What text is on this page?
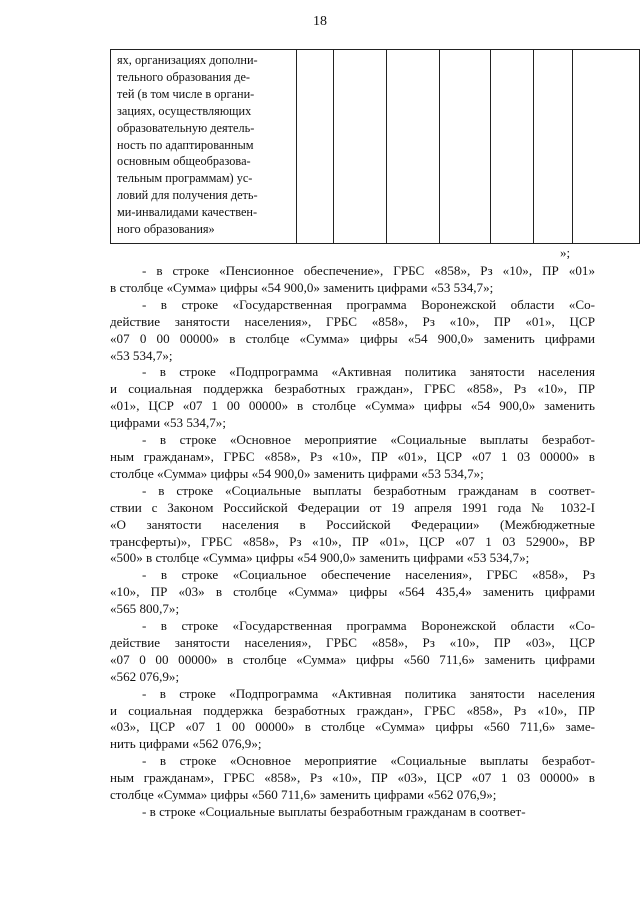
18
ях, организациях дополни-
тельного образования де-
тей (в том числе в органи-
зациях, осуществляющих
образовательную деятель-
ность по адаптированным
основным общеобразова-
тельным программам) ус-
ловий для получения деть-
ми-инвалидами качествен-
ного образования»

»;
- в строке «Пенсионное обеспечение», ГРБС «858», Рз «10», ПР «01»
в столбце «Сумма» цифры «54 900,0» заменить цифрами «53 534,7»;
- в строке «Государственная программа Воронежской области «Со-
действие занятости населения», ГРБС «858», Рз «10», ПР «01», ЦСР
«07 0 00 00000» в столбце «Сумма» цифры «54 900,0» заменить цифрами
«53 534,7»;
- в строке «Подпрограмма «Активная политика занятости населения
и социальная поддержка безработных граждан», ГРБС «858», Рз «10», ПР
«01», ЦСР «07 1 00 00000» в столбце «Сумма» цифры «54 900,0» заменить
цифрами «53 534,7»;
- в строке «Основное мероприятие «Социальные выплаты безработ-
ным гражданам», ГРБС «858», Рз «10», ПР «01», ЦСР «07 1 03 00000» в
столбце «Сумма» цифры «54 900,0» заменить цифрами «53 534,7»;
- в строке «Социальные выплаты безработным гражданам в соответ-
ствии с Законом Российской Федерации от 19 апреля 1991 года № 1032-I
«О занятости населения в Российской Федерации» (Межбюджетные
трансферты)», ГРБС «858», Рз «10», ПР «01», ЦСР «07 1 03 52900», ВР
«500» в столбце «Сумма» цифры «54 900,0» заменить цифрами «53 534,7»;
- в строке «Социальное обеспечение населения», ГРБС «858», Рз
«10», ПР «03» в столбце «Сумма» цифры «564 435,4» заменить цифрами
«565 800,7»;
- в строке «Государственная программа Воронежской области «Со-
действие занятости населения», ГРБС «858», Рз «10», ПР «03», ЦСР
«07 0 00 00000» в столбце «Сумма» цифры «560 711,6» заменить цифрами
«562 076,9»;
- в строке «Подпрограмма «Активная политика занятости населения
и социальная поддержка безработных граждан», ГРБС «858», Рз «10», ПР
«03», ЦСР «07 1 00 00000» в столбце «Сумма» цифры «560 711,6» заме-
нить цифрами «562 076,9»;
- в строке «Основное мероприятие «Социальные выплаты безработ-
ным гражданам», ГРБС «858», Рз «10», ПР «03», ЦСР «07 1 03 00000» в
столбце «Сумма» цифры «560 711,6» заменить цифрами «562 076,9»;
- в строке «Социальные выплаты безработным гражданам в соответ-
